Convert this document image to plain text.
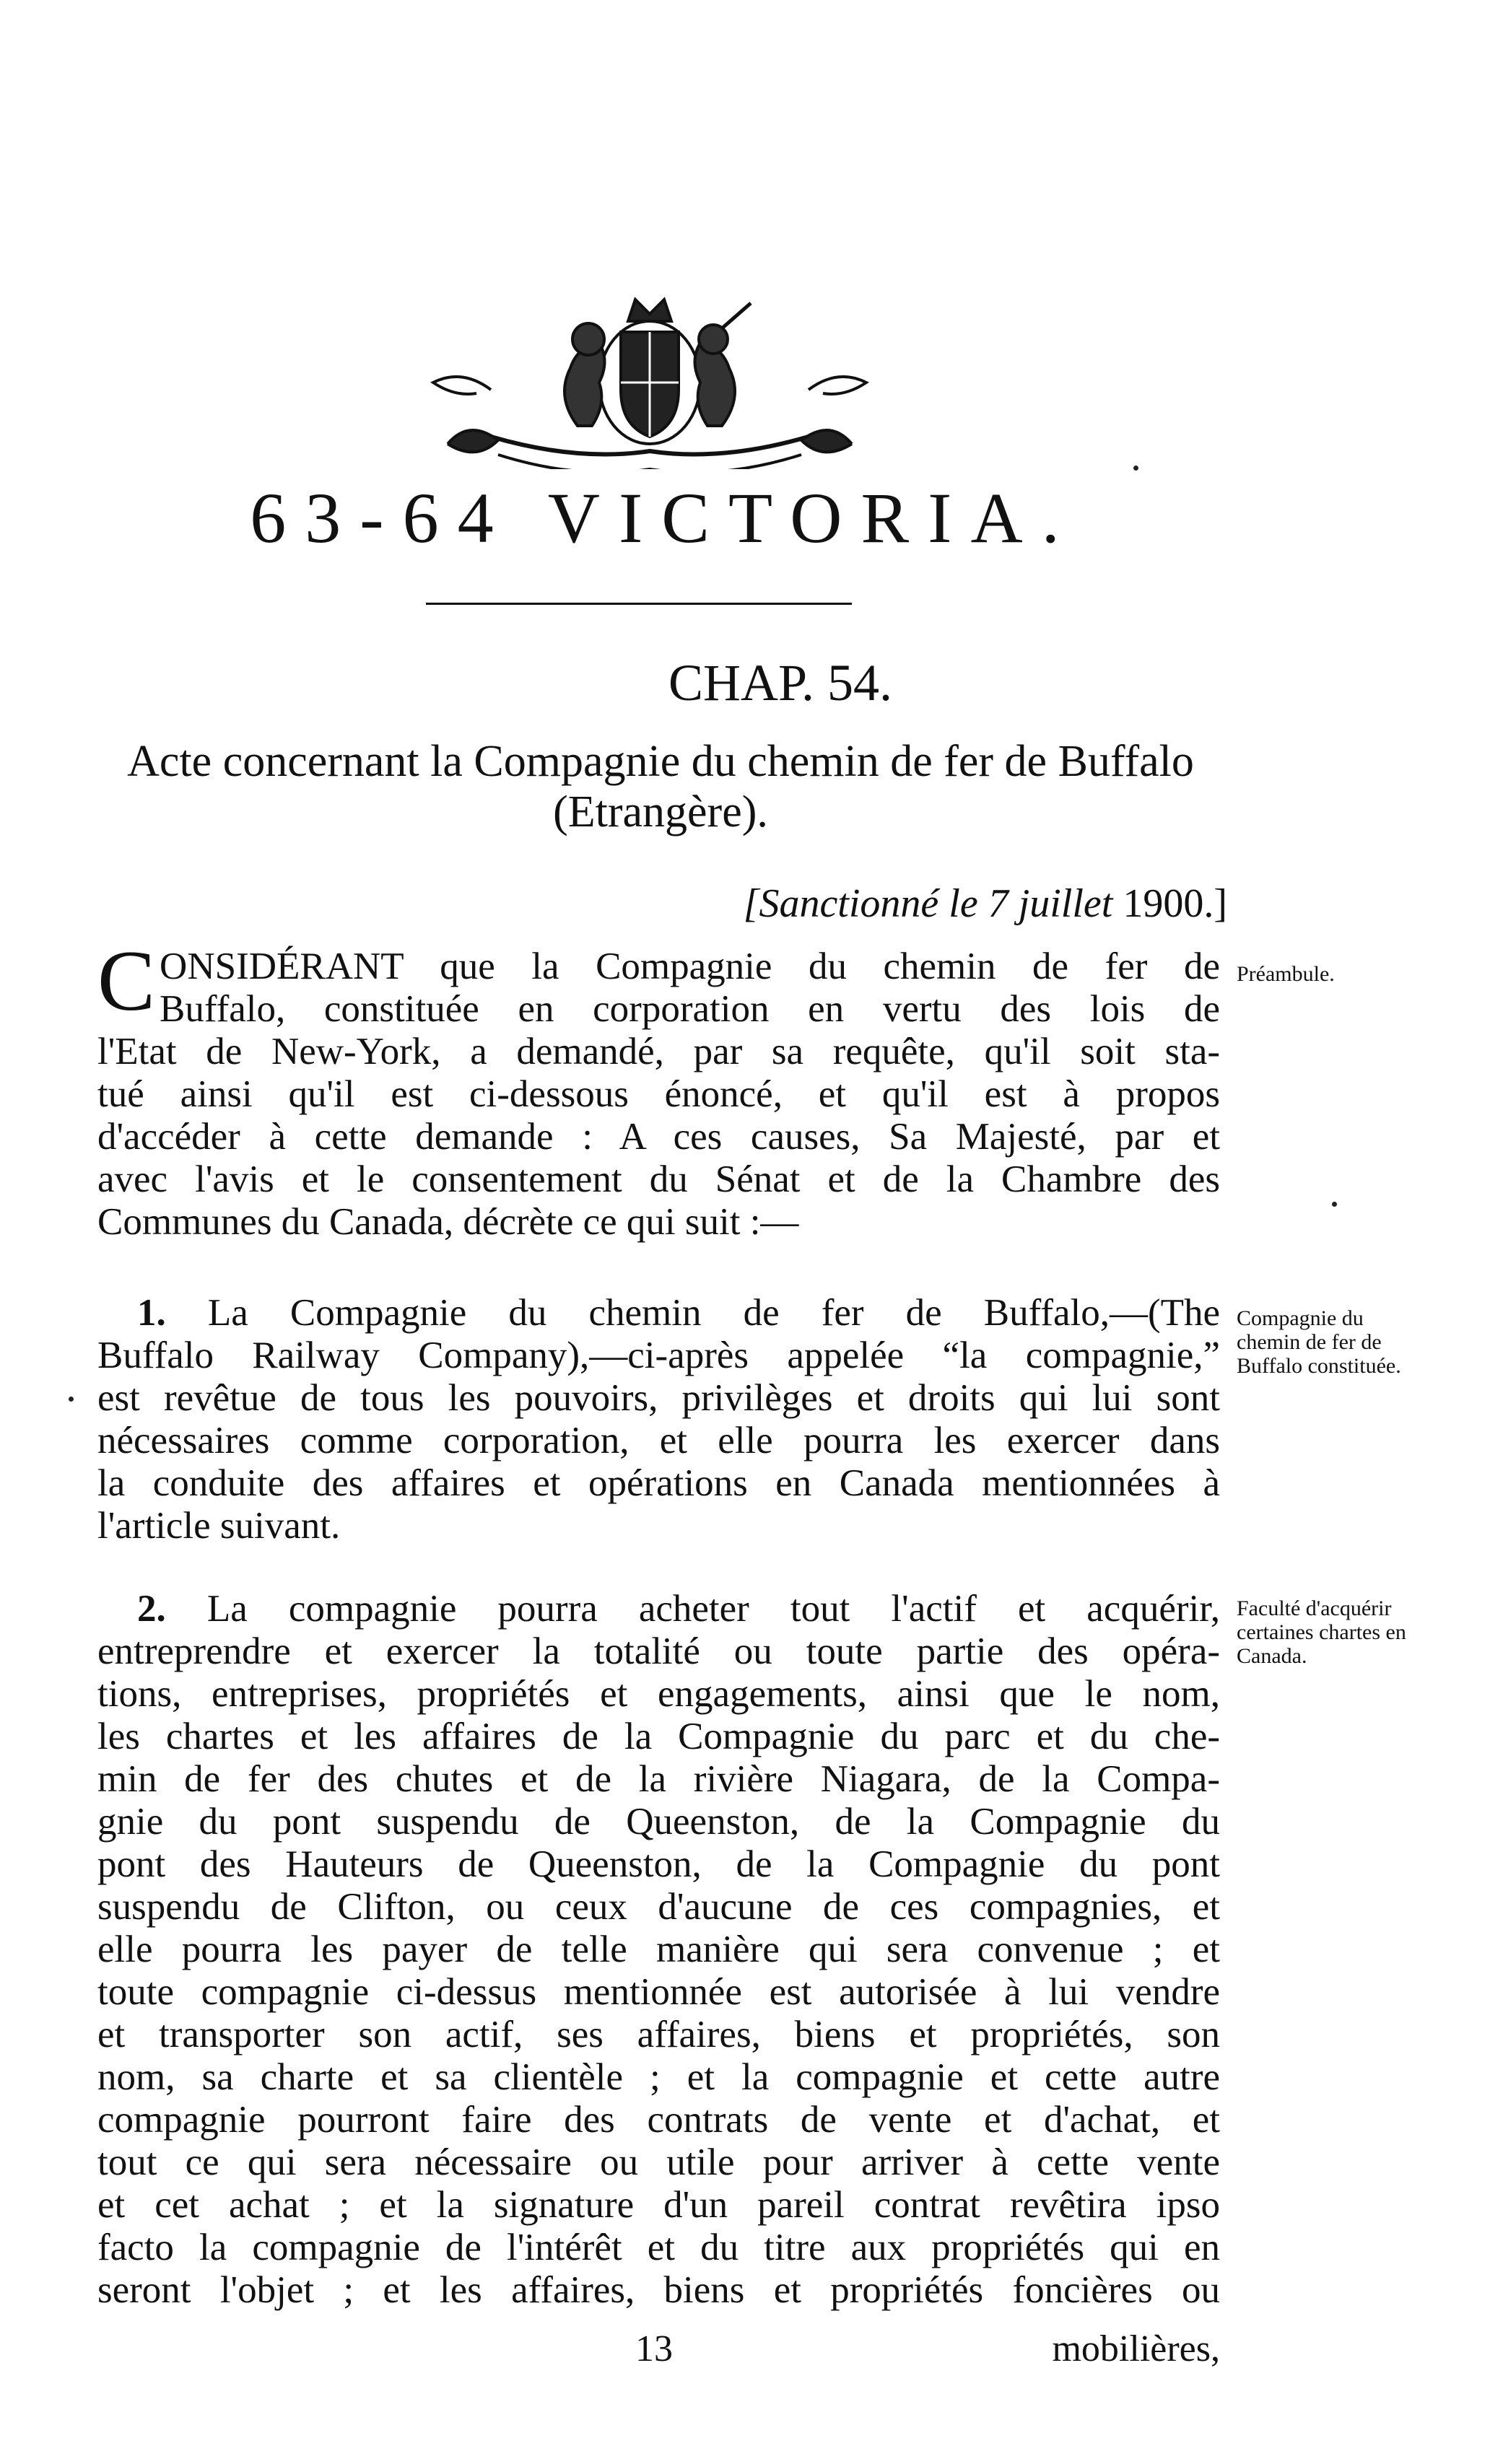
63-64 VICTORIA.
CHAP. 54.
Acte concernant la Compagnie du chemin de fer de Buffalo (Etrangère).
[Sanctionné le 7 juillet 1900.]
C ONSIDÉRANT que la Compagnie du chemin de fer de
Buffalo, constituée en corporation en vertu des lois de
l'Etat de New-York, a demandé, par sa requête, qu'il soit sta-
tué ainsi qu'il est ci-dessous énoncé, et qu'il est à propos
d'accéder à cette demande : A ces causes, Sa Majesté, par et
avec l'avis et le consentement du Sénat et de la Chambre des
Communes du Canada, décrète ce qui suit :—
Préambule.
1. La Compagnie du chemin de fer de Buffalo,—(The
Buffalo Railway Company),—ci-après appelée “la compagnie,”
est revêtue de tous les pouvoirs, privilèges et droits qui lui sont
nécessaires comme corporation, et elle pourra les exercer dans
la conduite des affaires et opérations en Canada mentionnées à
l'article suivant.
Compagnie du chemin de fer de Buffalo constituée.
2. La compagnie pourra acheter tout l'actif et acquérir,
entreprendre et exercer la totalité ou toute partie des opéra-
tions, entreprises, propriétés et engagements, ainsi que le nom,
les chartes et les affaires de la Compagnie du parc et du che-
min de fer des chutes et de la rivière Niagara, de la Compa-
gnie du pont suspendu de Queenston, de la Compagnie du
pont des Hauteurs de Queenston, de la Compagnie du pont
suspendu de Clifton, ou ceux d'aucune de ces compagnies, et
elle pourra les payer de telle manière qui sera convenue ; et
toute compagnie ci-dessus mentionnée est autorisée à lui vendre
et transporter son actif, ses affaires, biens et propriétés, son
nom, sa charte et sa clientèle ; et la compagnie et cette autre
compagnie pourront faire des contrats de vente et d'achat, et
tout ce qui sera nécessaire ou utile pour arriver à cette vente
et cet achat ; et la signature d'un pareil contrat revêtira ipso
facto la compagnie de l'intérêt et du titre aux propriétés qui en
seront l'objet ; et les affaires, biens et propriétés foncières ou
Faculté d'acquérir certaines chartes en Canada.
13	mobilières,
